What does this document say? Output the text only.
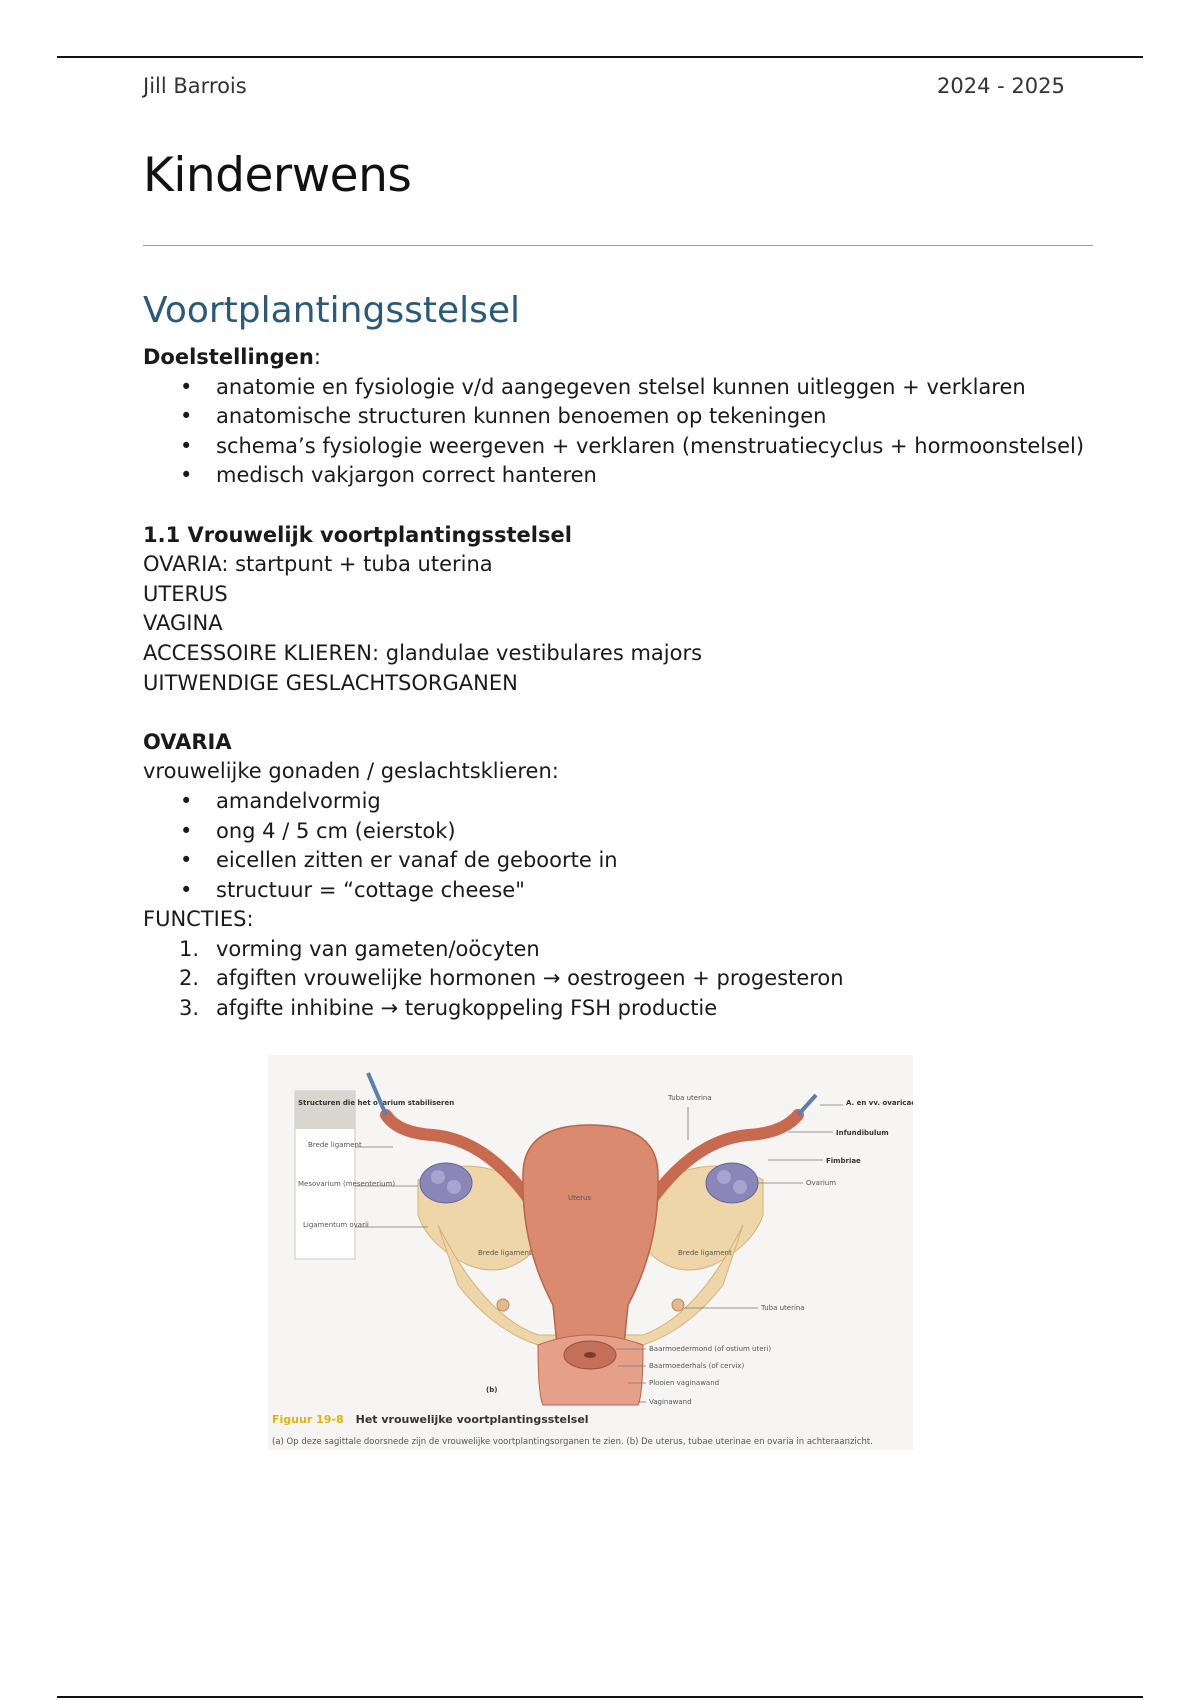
Jill Barrois	2024 - 2025
Kinderwens
Voortplantingsstelsel

Doelstellingen:

• anatomie en fysiologie v/d aangegeven stelsel kunnen uitleggen + verklaren
• anatomische structuren kunnen benoemen op tekeningen
• schema’s fysiologie weergeven + verklaren (menstruatiecyclus + hormoonstelsel)
• medisch vakjargon correct hanteren

1.1 Vrouwelijk voortplantingsstelsel

OVARIA: startpunt + tuba uterina

UTERUS

VAGINA

ACCESSOIRE KLIEREN: glandulae vestibulares majors

UITWENDIGE GESLACHTSORGANEN

OVARIA

vrouwelijke gonaden / geslachtsklieren:

• amandelvormig
• ong 4 / 5 cm (eierstok)
• eicellen zitten er vanaf de geboorte in
• structuur = “cottage cheese"

FUNCTIES:

1. vorming van gameten/oöcyten
2. afgiften vrouwelijke hormonen → oestrogeen + progesteron
3. afgifte inhibine → terugkoppeling FSH productie
Structuren die het ovarium stabiliseren
Brede ligament
Mesovarium (mesenterium)
Ligamentum ovarii
Uterus
Brede ligament	Brede ligament
Tuba uterina
A. en vv. ovaricae
Infundibulum
Fimbriae
Ovarium
Tuba uterina
Baarmoedermond (of ostium uteri)
Baarmoederhals (of cervix)
Plooien vaginawand
Vaginawand
(b)
Figuur 19-8 Het vrouwelijke voortplantingsstelsel
(a) Op deze sagittale doorsnede zijn de vrouwelijke voortplantingsorganen te zien. (b) De uterus, tubae uterinae en ovaria in achteraanzicht.
